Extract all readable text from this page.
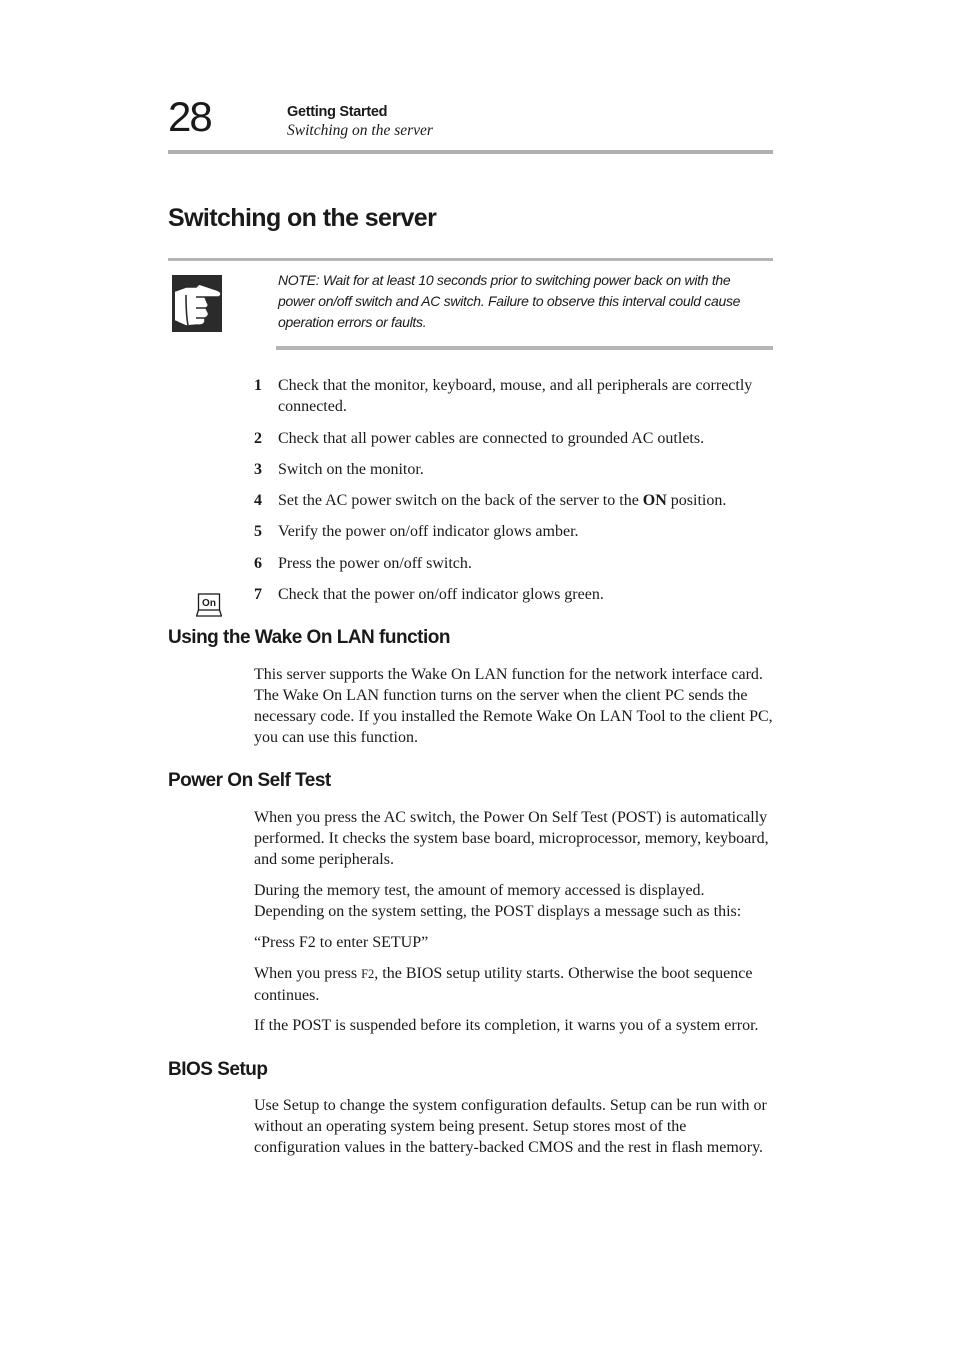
28	Getting Started
Switching on the server
Switching on the server
NOTE: Wait for at least 10 seconds prior to switching power back on with the power on/off switch and AC switch. Failure to observe this interval could cause operation errors or faults.
1 Check that the monitor, keyboard, mouse, and all peripherals are correctly connected.
2 Check that all power cables are connected to grounded AC outlets.
3 Switch on the monitor.
4 Set the AC power switch on the back of the server to the ON position.
5 Verify the power on/off indicator glows amber.
6 Press the power on/off switch.
7 Check that the power on/off indicator glows green.
On
Using the Wake On LAN function

This server supports the Wake On LAN function for the network interface card. The Wake On LAN function turns on the server when the client PC sends the necessary code. If you installed the Remote Wake On LAN Tool to the client PC, you can use this function.

Power On Self Test

When you press the AC switch, the Power On Self Test (POST) is automatically performed. It checks the system base board, microprocessor, memory, keyboard, and some peripherals.

During the memory test, the amount of memory accessed is displayed. Depending on the system setting, the POST displays a message such as this:

“Press F2 to enter SETUP”

When you press F2, the BIOS setup utility starts. Otherwise the boot sequence continues.

If the POST is suspended before its completion, it warns you of a system error.

BIOS Setup

Use Setup to change the system configuration defaults. Setup can be run with or without an operating system being present. Setup stores most of the configuration values in the battery-backed CMOS and the rest in flash memory.
